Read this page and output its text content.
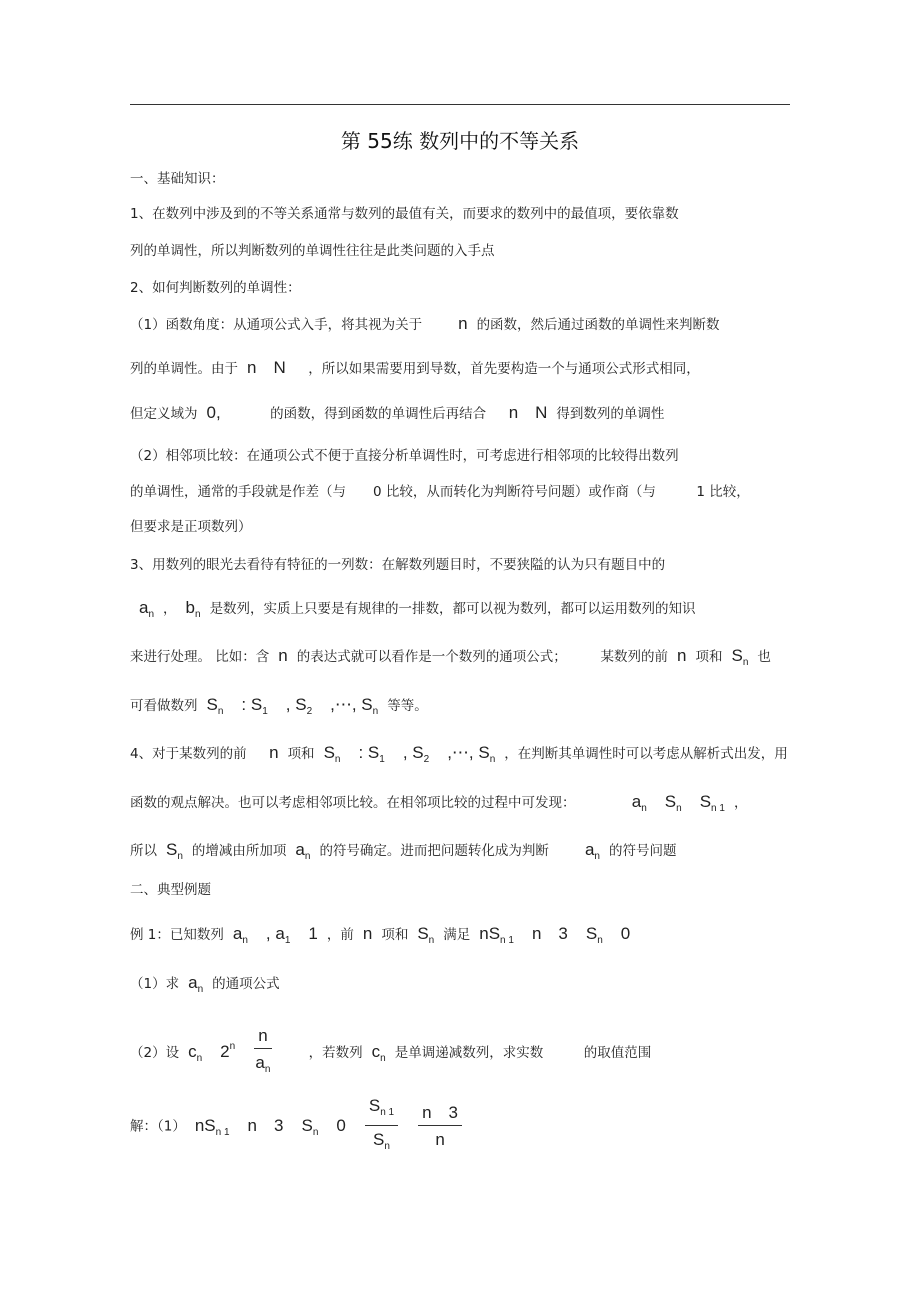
第 55练 数列中的不等关系
一、基础知识：
1、在数列中涉及到的不等关系通常与数列的最值有关，而要求的数列中的最值项，要依靠数
列的单调性，所以判断数列的单调性往往是此类问题的入手点
2、如何判断数列的单调性：
（1）函数角度：从通项公式入手，将其视为关于　　n 的函数，然后通过函数的单调性来判断数
列的单调性。由于 n　N　，所以如果需要用到导数，首先要构造一个与通项公式形式相同，
但定义域为 0,　　　的函数，得到函数的单调性后再结合　n　N 得到数列的单调性
（2）相邻项比较：在通项公式不便于直接分析单调性时，可考虑进行相邻项的比较得出数列
的单调性，通常的手段就是作差（与　　0 比较，从而转化为判断符号问题）或作商（与　　　1 比较，
但要求是正项数列）
3、用数列的眼光去看待有特征的一列数：在解数列题目时，不要狭隘的认为只有题目中的
$a_n$ ， $b_n$ 是数列，实质上只要是有规律的一排数，都可以视为数列，都可以运用数列的知识
来进行处理。 比如：含 n 的表达式就可以看作是一个数列的通项公式；　　　某数列的前 n 项和 $S_n$ 也
可看做数列 $S_n$ : $S_1$ , $S_2$ ,⋯, $S_n$ 等等。
4、对于某数列的前　n 项和 $S_n$ : $S_1$ , $S_2$ ,⋯, $S_n$ ，在判断其单调性时可以考虑从解析式出发，用
函数的观点解决。也可以考虑相邻项比较。在相邻项比较的过程中可发现：　　　　$a_n$ $S_n$ $S_{n 1}$ ，
所以 $S_n$ 的增减由所加项 $a_n$ 的符号确定。进而把问题转化成为判断　　$a_n$ 的符号问题
二、典型例题
例 1：已知数列 $a_n$ , $a_1$ 1 ，前 n 项和 $S_n$ 满足 $nS_{n 1}$ n　3 $S_n$ 0
（1）求 $a_n$ 的通项公式
（2）设 $c_n$ $2^n \frac{n}{a_n}$ 　　，若数列 $c_n$ 是单调递减数列，求实数　　　的取值范围
解：（1） $nS_{n 1}$ n　3 $S_n$ $0 \frac{S_{n 1}}{S_n} \frac{n 3}{n}$
